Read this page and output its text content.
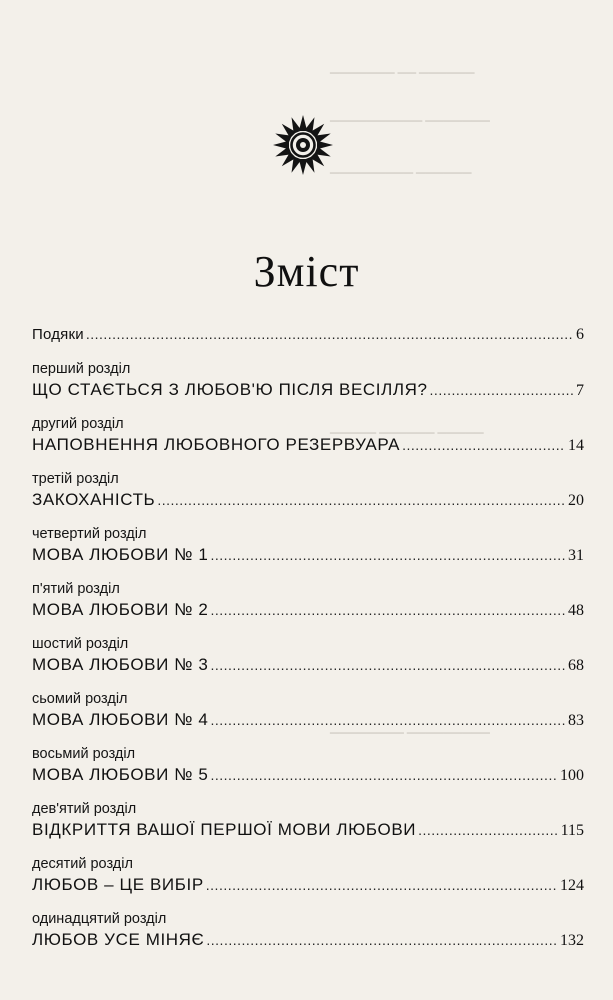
▁▁▁▁▁▁▁ ▁▁ ▁▁▁▁▁▁
▁▁▁▁▁▁▁▁▁▁ ▁▁▁▁▁▁▁
▁▁▁▁▁▁▁▁▁ ▁▁▁▁▁▁
▁▁▁▁▁ ▁▁▁▁▁▁ ▁▁▁▁▁
▁▁▁▁▁▁▁▁ ▁▁▁▁▁▁▁▁▁
Зміст
Подяки .....	6
перший розділ
ЩО СТАЄТЬСЯ З ЛЮБОВ'Ю ПІСЛЯ ВЕСІЛЛЯ? .....	7
другий розділ
НАПОВНЕННЯ ЛЮБОВНОГО РЕЗЕРВУАРА .....	14
третій розділ
ЗАКОХАНІСТЬ .....	20
четвертий розділ
МОВА ЛЮБОВИ № 1 .....	31
п'ятий розділ
МОВА ЛЮБОВИ № 2 .....	48
шостий розділ
МОВА ЛЮБОВИ № 3 .....	68
сьомий розділ
МОВА ЛЮБОВИ № 4 .....	83
восьмий розділ
МОВА ЛЮБОВИ № 5 .....	100
дев'ятий розділ
ВІДКРИТТЯ ВАШОЇ ПЕРШОЇ МОВИ ЛЮБОВИ .....	115
десятий розділ
ЛЮБОВ – ЦЕ ВИБІР .....	124
одинадцятий розділ
ЛЮБОВ УСЕ МІНЯЄ .....	132
